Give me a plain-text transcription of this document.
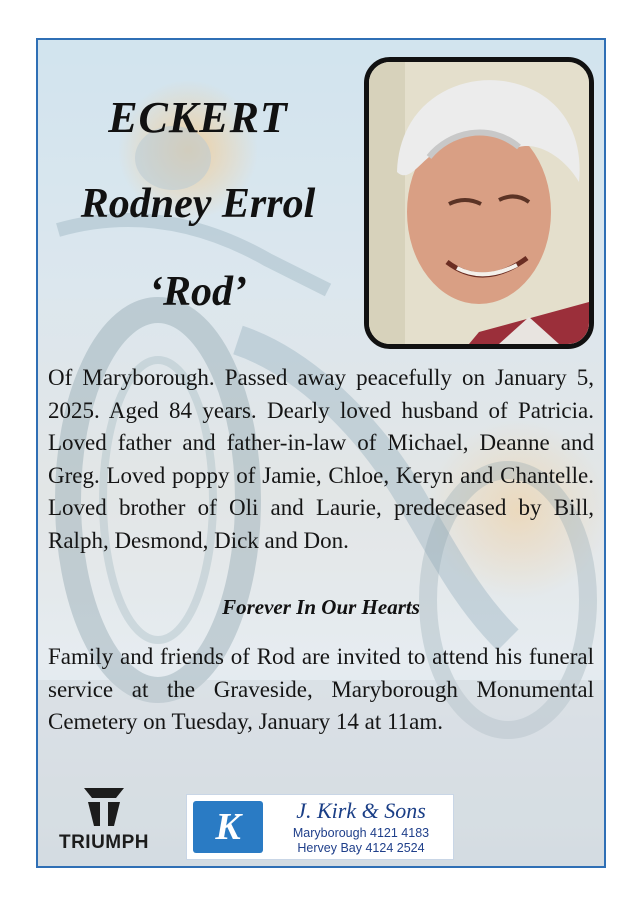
ECKERT
Rodney Errol
‘Rod’

Of Maryborough. Passed away peacefully on January 5, 2025. Aged 84 years. Dearly loved husband of Patricia. Loved father and father-in-law of Michael, Deanne and Greg. Loved poppy of Jamie, Chloe, Keryn and Chantelle. Loved brother of Oli and Laurie, predeceased by Bill, Ralph, Desmond, Dick and Don.

Forever In Our Hearts

Family and friends of Rod are invited to attend his funeral service at the Graveside, Maryborough Monumental Cemetery on Tuesday, January 14 at 11am.

TRIUMPH	K	J. Kirk & Sons
Maryborough 4121 4183
Hervey Bay 4124 2524
